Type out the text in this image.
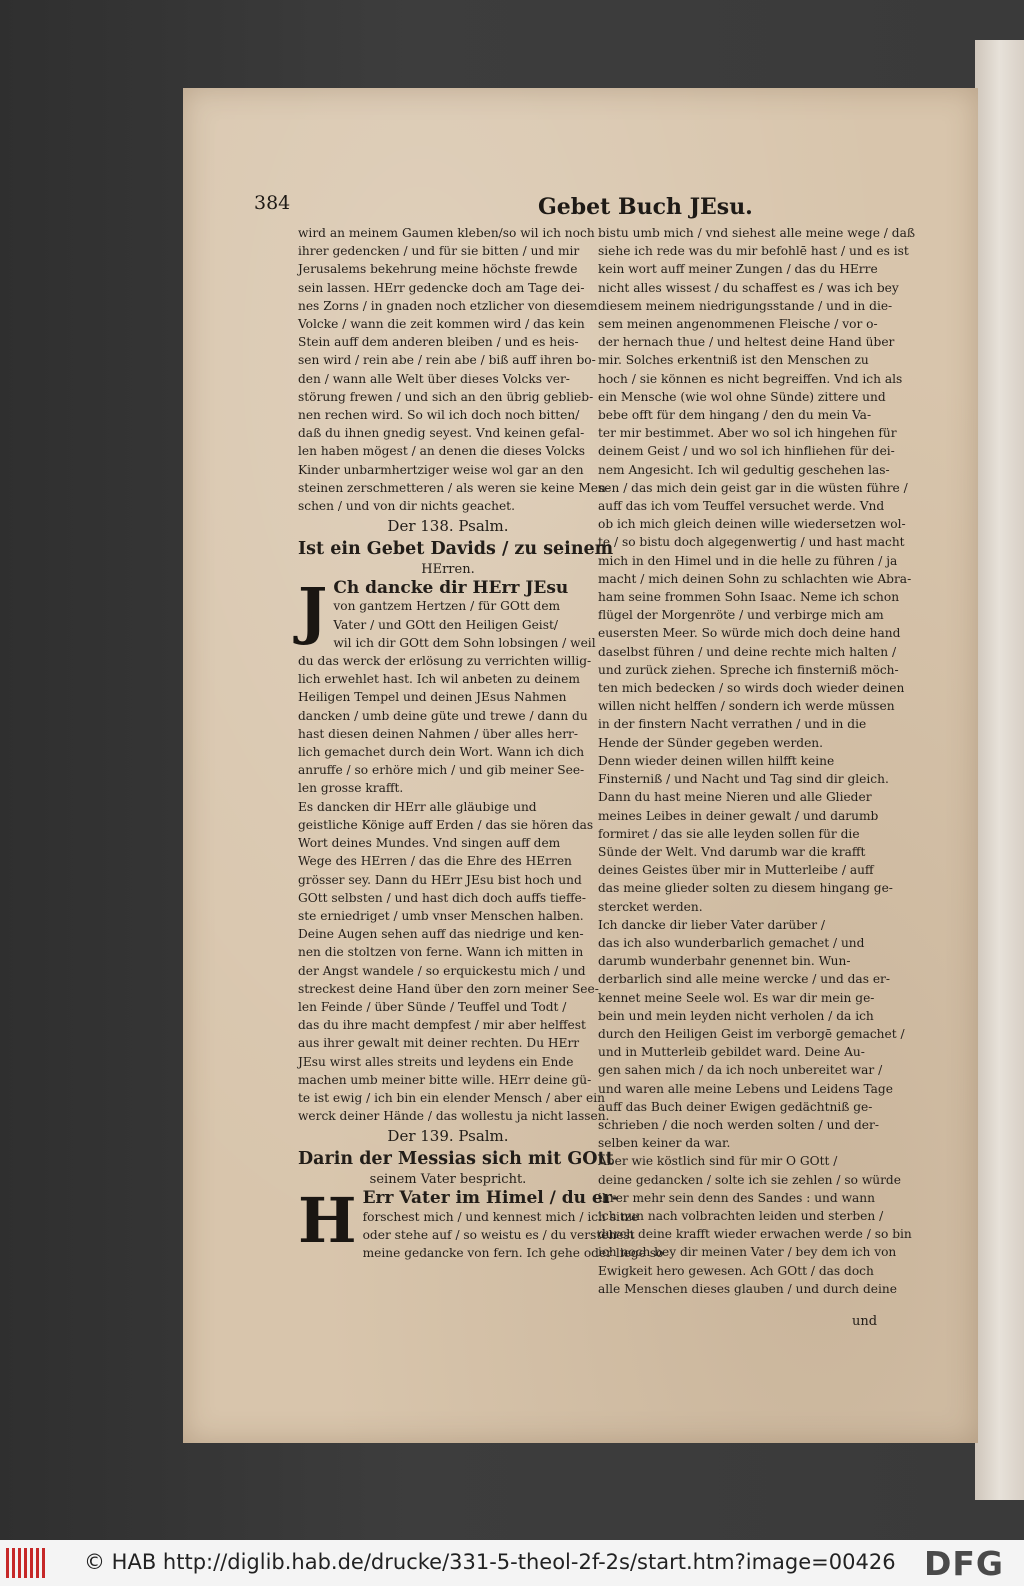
384	Gebet Buch JEsu.
wird an meinem Gaumen kleben/so wil ich noch
ihrer gedencken / und für sie bitten / und mir
Jerusalems bekehrung meine höchste frewde
sein lassen. HErr gedencke doch am Tage dei-
nes Zorns / in gnaden noch etzlicher von diesem
Volcke / wann die zeit kommen wird / das kein
Stein auff dem anderen bleiben / und es heis-
sen wird / rein abe / rein abe / biß auff ihren bo-
den / wann alle Welt über dieses Volcks ver-
störung frewen / und sich an den übrig geblieb-
nen rechen wird. So wil ich doch noch bitten/
daß du ihnen gnedig seyest. Vnd keinen gefal-
len haben mögest / an denen die dieses Volcks
Kinder unbarmhertziger weise wol gar an den
steinen zerschmetteren / als weren sie keine Men-
schen / und von dir nichts geachet.

Der 138. Psalm.

Ist ein Gebet Davids / zu seinem

HErren.

J Ch dancke dir HErr JEsu
von gantzem Hertzen / für GOtt dem
Vater / und GOtt den Heiligen Geist/
wil ich dir GOtt dem Sohn lobsingen / weil
du das werck der erlösung zu verrichten willig-
lich erwehlet hast. Ich wil anbeten zu deinem
Heiligen Tempel und deinen JEsus Nahmen
dancken / umb deine güte und trewe / dann du
hast diesen deinen Nahmen / über alles herr-
lich gemachet durch dein Wort. Wann ich dich
anruffe / so erhöre mich / und gib meiner See-
len grosse krafft.
Es dancken dir HErr alle gläubige und
geistliche Könige auff Erden / das sie hören das
Wort deines Mundes. Vnd singen auff dem
Wege des HErren / das die Ehre des HErren
grösser sey. Dann du HErr JEsu bist hoch und
GOtt selbsten / und hast dich doch auffs tieffe-
ste erniedriget / umb vnser Menschen halben.
Deine Augen sehen auff das niedrige und ken-
nen die stoltzen von ferne. Wann ich mitten in
der Angst wandele / so erquickestu mich / und
streckest deine Hand über den zorn meiner See-
len Feinde / über Sünde / Teuffel und Todt /
das du ihre macht dempfest / mir aber helffest
aus ihrer gewalt mit deiner rechten. Du HErr
JEsu wirst alles streits und leydens ein Ende
machen umb meiner bitte wille. HErr deine gü-
te ist ewig / ich bin ein elender Mensch / aber ein
werck deiner Hände / das wollestu ja nicht lassen.

Der 139. Psalm.

Darin der Messias sich mit GOtt

seinem Vater bespricht.

H Err Vater im Himel / du er-
forschest mich / und kennest mich / ich sitze
oder stehe auf / so weistu es / du verstehest
meine gedancke von fern. Ich gehe oder liege so
bistu umb mich / vnd siehest alle meine wege / daß
siehe ich rede was du mir befohlē hast / und es ist
kein wort auff meiner Zungen / das du HErre
nicht alles wissest / du schaffest es / was ich bey
diesem meinem niedrigungsstande / und in die-
sem meinen angenommenen Fleische / vor o-
der hernach thue / und heltest deine Hand über
mir. Solches erkentniß ist den Menschen zu
hoch / sie können es nicht begreiffen. Vnd ich als
ein Mensche (wie wol ohne Sünde) zittere und
bebe offt für dem hingang / den du mein Va-
ter mir bestimmet. Aber wo sol ich hingehen für
deinem Geist / und wo sol ich hinfliehen für dei-
nem Angesicht. Ich wil gedultig geschehen las-
sen / das mich dein geist gar in die wüsten führe /
auff das ich vom Teuffel versuchet werde. Vnd
ob ich mich gleich deinen wille wiedersetzen wol-
te / so bistu doch algegenwertig / und hast macht
mich in den Himel und in die helle zu führen / ja
macht / mich deinen Sohn zu schlachten wie Abra-
ham seine frommen Sohn Isaac. Neme ich schon
flügel der Morgenröte / und verbirge mich am
eusersten Meer. So würde mich doch deine hand
daselbst führen / und deine rechte mich halten /
und zurück ziehen. Spreche ich finsterniß möch-
ten mich bedecken / so wirds doch wieder deinen
willen nicht helffen / sondern ich werde müssen
in der finstern Nacht verrathen / und in die
Hende der Sünder gegeben werden.
Denn wieder deinen willen hilfft keine
Finsterniß / und Nacht und Tag sind dir gleich.
Dann du hast meine Nieren und alle Glieder
meines Leibes in deiner gewalt / und darumb
formiret / das sie alle leyden sollen für die
Sünde der Welt. Vnd darumb war die krafft
deines Geistes über mir in Mutterleibe / auff
das meine glieder solten zu diesem hingang ge-
stercket werden.
Ich dancke dir lieber Vater darüber /
das ich also wunderbarlich gemachet / und
darumb wunderbahr genennet bin. Wun-
derbarlich sind alle meine wercke / und das er-
kennet meine Seele wol. Es war dir mein ge-
bein und mein leyden nicht verholen / da ich
durch den Heiligen Geist im verborgē gemachet /
und in Mutterleib gebildet ward. Deine Au-
gen sahen mich / da ich noch unbereitet war /
und waren alle meine Lebens und Leidens Tage
auff das Buch deiner Ewigen gedächtniß ge-
schrieben / die noch werden solten / und der-
selben keiner da war.
Aber wie köstlich sind für mir O GOtt /
deine gedancken / solte ich sie zehlen / so würde
ihrer mehr sein denn des Sandes : und wann
ich nun nach volbrachten leiden und sterben /
durch deine krafft wieder erwachen werde / so bin
ich noch bey dir meinen Vater / bey dem ich von
Ewigkeit hero gewesen. Ach GOtt / das doch
alle Menschen dieses glauben / und durch deine
und
© HAB http://diglib.hab.de/drucke/331-5-theol-2f-2s/start.htm?image=00426 DFG
